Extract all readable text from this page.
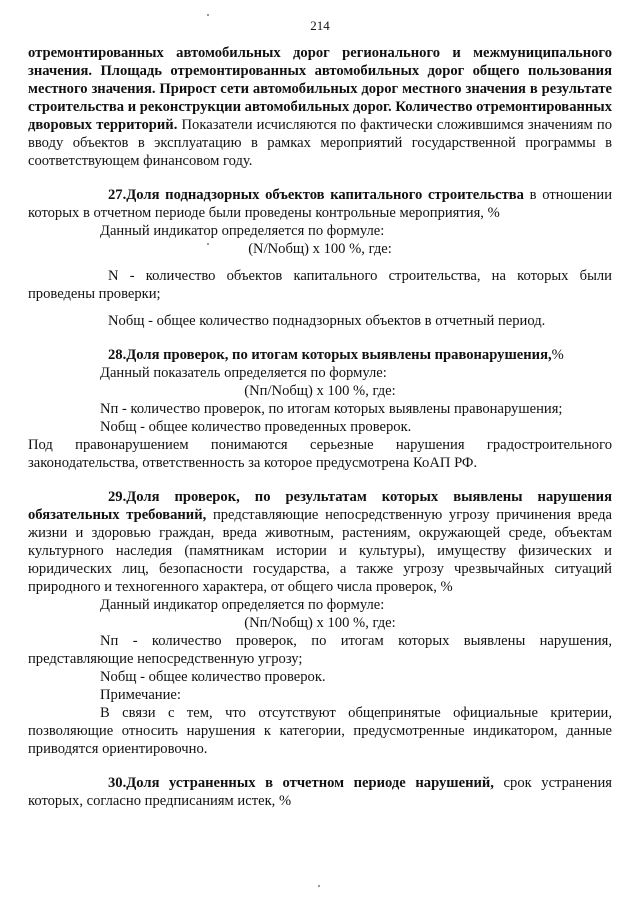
214

отремонтированных автомобильных дорог регионального и межмуниципального значения. Площадь отремонтированных автомобильных дорог общего пользования местного значения. Прирост сети автомобильных дорог местного значения в результате строительства и реконструкции автомобильных дорог. Количество отремонтированных дворовых территорий. Показатели исчисляются по фактически сложившимся значениям по вводу объектов в эксплуатацию в рамках мероприятий государственной программы в соответствующем финансовом году.

27.Доля поднадзорных объектов капитального строительства в отношении которых в отчетном периоде были проведены контрольные мероприятия, %

Данный индикатор определяется по формуле:

(N/Nобщ) х 100 %, где:

N - количество объектов капитального строительства, на которых были проведены проверки;

Nобщ - общее количество поднадзорных объектов в отчетный период.

28.Доля проверок, по итогам которых выявлены правонарушения,%

Данный показатель определяется по формуле:

(Nп/Nобщ) х 100 %, где:

Nп - количество проверок, по итогам которых выявлены правонарушения;

Nобщ - общее количество проведенных проверок.

Под правонарушением понимаются серьезные нарушения градостроительного законодательства, ответственность за которое предусмотрена КоАП РФ.

29.Доля проверок, по результатам которых выявлены нарушения обязательных требований, представляющие непосредственную угрозу причинения вреда жизни и здоровью граждан, вреда животным, растениям, окружающей среде, объектам культурного наследия (памятникам истории и культуры), имуществу физических и юридических лиц, безопасности государства, а также угрозу чрезвычайных ситуаций природного и техногенного характера, от общего числа проверок, %

Данный индикатор определяется по формуле:

(Nп/Nобщ) х 100 %, где:

Nп - количество проверок, по итогам которых выявлены нарушения, представляющие непосредственную угрозу;

Nобщ - общее количество проверок.

Примечание:

В связи с тем, что отсутствуют общепринятые официальные критерии, позволяющие относить нарушения к категории, предусмотренные индикатором, данные приводятся ориентировочно.

30.Доля устраненных в отчетном периоде нарушений, срок устранения которых, согласно предписаниям истек, %
